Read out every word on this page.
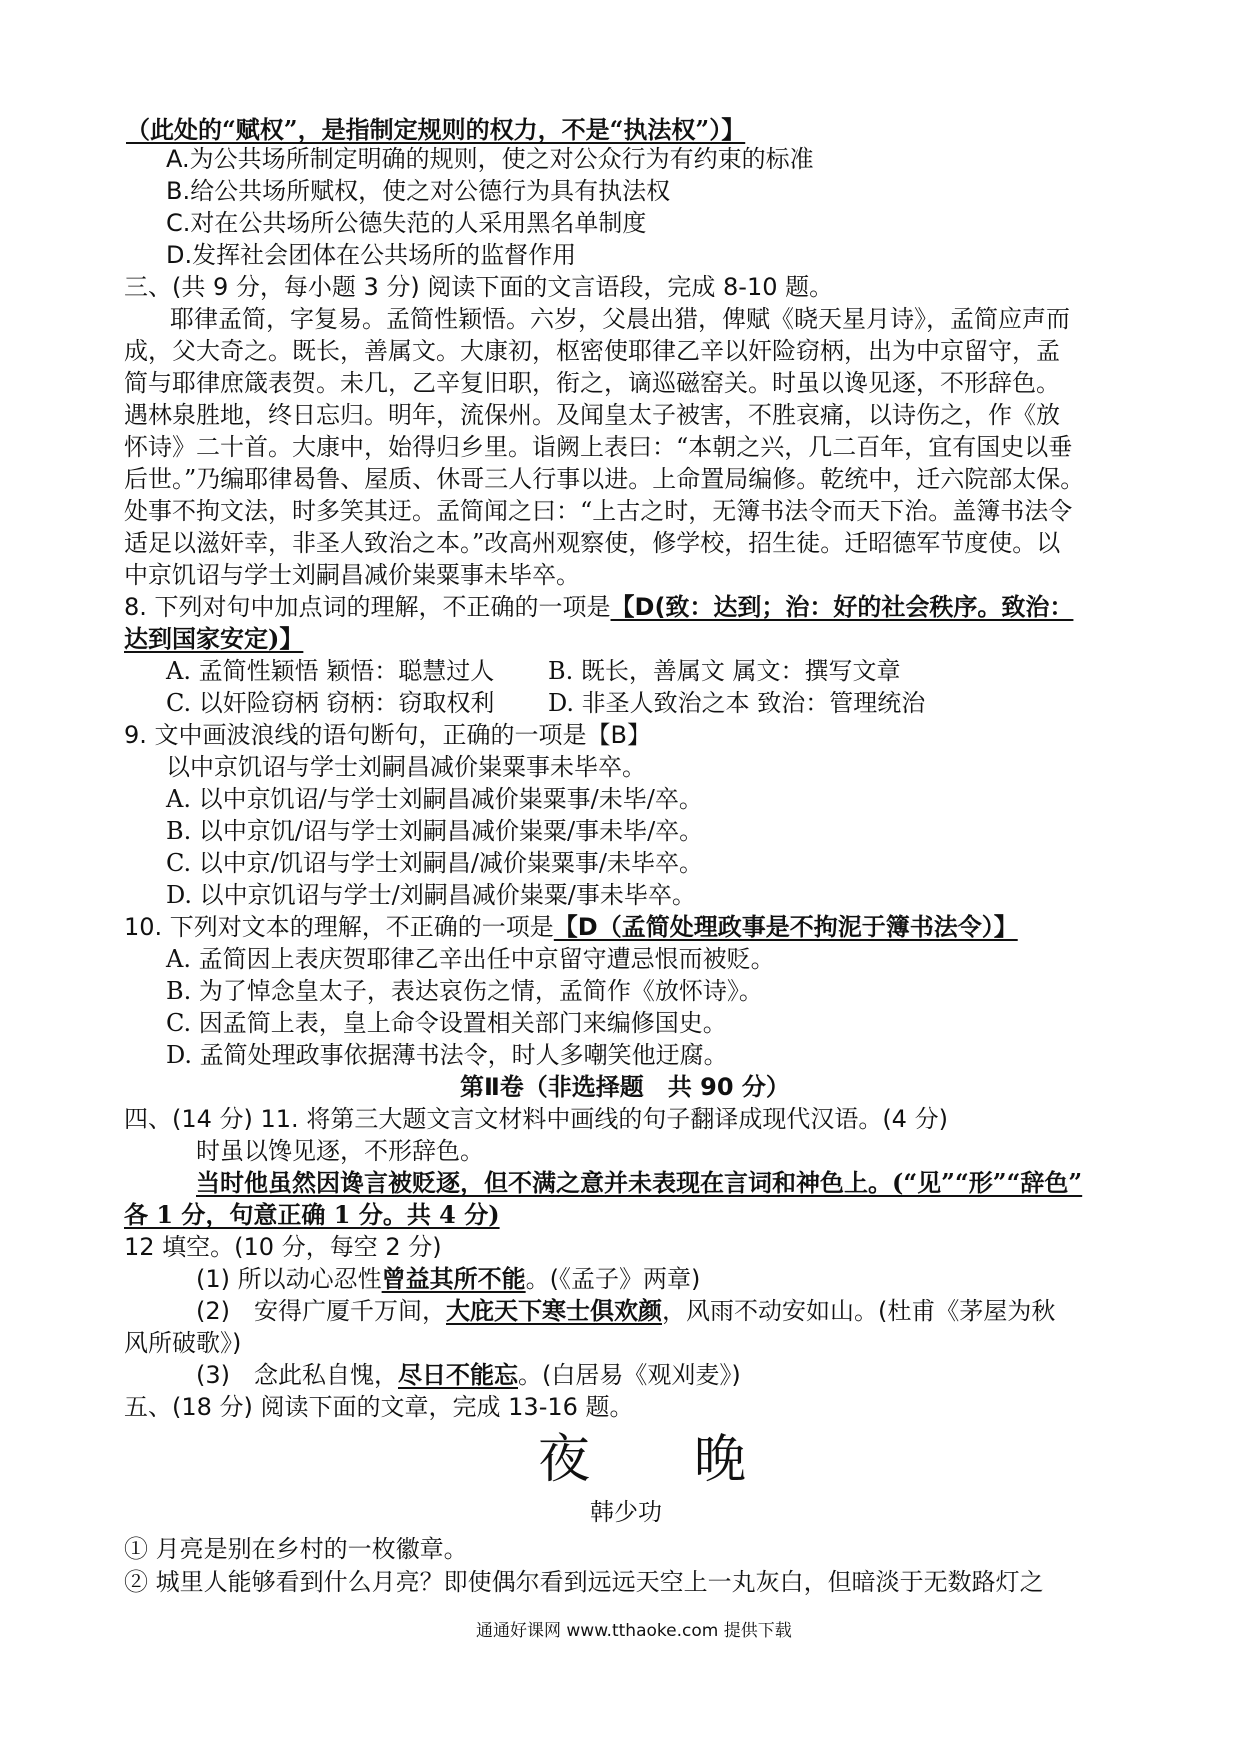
（此处的“赋权”，是指制定规则的权力，不是“执法权”）】
A.为公共场所制定明确的规则，使之对公众行为有约束的标准
B.给公共场所赋权，使之对公德行为具有执法权
C.对在公共场所公德失范的人采用黑名单制度
D.发挥社会团体在公共场所的监督作用
三、(共 9 分，每小题 3 分) 阅读下面的文言语段，完成 8-10 题。
耶律孟简，字复易。孟简性颖悟。六岁，父晨出猎，俾赋《晓天星月诗》，孟简应声而
成，父大奇之。既长，善属文。大康初，枢密使耶律乙辛以奸险窃柄，出为中京留守，孟
简与耶律庶箴表贺。未几，乙辛复旧职，衔之，谪巡磁窑关。时虽以谗见逐，不形辞色。
遇林泉胜地，终日忘归。明年，流保州。及闻皇太子被害，不胜哀痛，以诗伤之，作《放
怀诗》二十首。大康中，始得归乡里。诣阙上表曰：“本朝之兴，几二百年，宜有国史以垂
后世。”乃编耶律曷鲁、屋质、休哥三人行事以进。上命置局编修。乾统中，迁六院部太保。
处事不拘文法，时多笑其迂。孟简闻之曰：“上古之时，无簿书法令而天下治。盖簿书法令
适足以滋奸幸，非圣人致治之本。”改高州观察使，修学校，招生徒。迁昭德军节度使。以
中京饥诏与学士刘嗣昌减价粜粟事未毕卒。
8. 下列对句中加点词的理解，不正确的一项是【D(致：达到；治：好的社会秩序。致治：
达到国家安定)】
A. 孟简性颖悟 颖悟：聪慧过人 B. 既长，善属文 属文：撰写文章
C. 以奸险窃柄 窃柄：窃取权利 D. 非圣人致治之本 致治：管理统治
9. 文中画波浪线的语句断句，正确的一项是【B】
以中京饥诏与学士刘嗣昌减价粜粟事未毕卒。
A. 以中京饥诏/与学士刘嗣昌减价粜粟事/未毕/卒。
B. 以中京饥/诏与学士刘嗣昌减价粜粟/事未毕/卒。
C. 以中京/饥诏与学士刘嗣昌/减价粜粟事/未毕卒。
D. 以中京饥诏与学士/刘嗣昌减价粜粟/事未毕卒。
10. 下列对文本的理解，不正确的一项是【D（孟简处理政事是不拘泥于簿书法令）】
A. 孟简因上表庆贺耶律乙辛出任中京留守遭忌恨而被贬。
B. 为了悼念皇太子，表达哀伤之情，孟简作《放怀诗》。
C. 因孟简上表，皇上命令设置相关部门来编修国史。
D. 孟简处理政事依据薄书法令，时人多嘲笑他迂腐。
第Ⅱ卷（非选择题　共 90 分）
四、(14 分) 11. 将第三大题文言文材料中画线的句子翻译成现代汉语。(4 分)
时虽以馋见逐，不形辞色。
当时他虽然因谗言被贬逐，但不满之意并未表现在言词和神色上。(“见”“形”“辞色”
各 1 分，句意正确 1 分。共 4 分)
12 填空。(10 分，每空 2 分)
(1) 所以动心忍性曾益其所不能。(《孟子》两章)
(2)　安得广厦千万间，大庇天下寒士俱欢颜，风雨不动安如山。(杜甫《茅屋为秋
风所破歌》)
(3)　念此私自愧，尽日不能忘。(白居易《观刈麦》)
五、(18 分) 阅读下面的文章，完成 13-16 题。
夜　　晚
韩少功
① 月亮是别在乡村的一枚徽章。
② 城里人能够看到什么月亮？即使偶尔看到远远天空上一丸灰白，但暗淡于无数路灯之
通通好课网 www.tthaoke.com 提供下载
